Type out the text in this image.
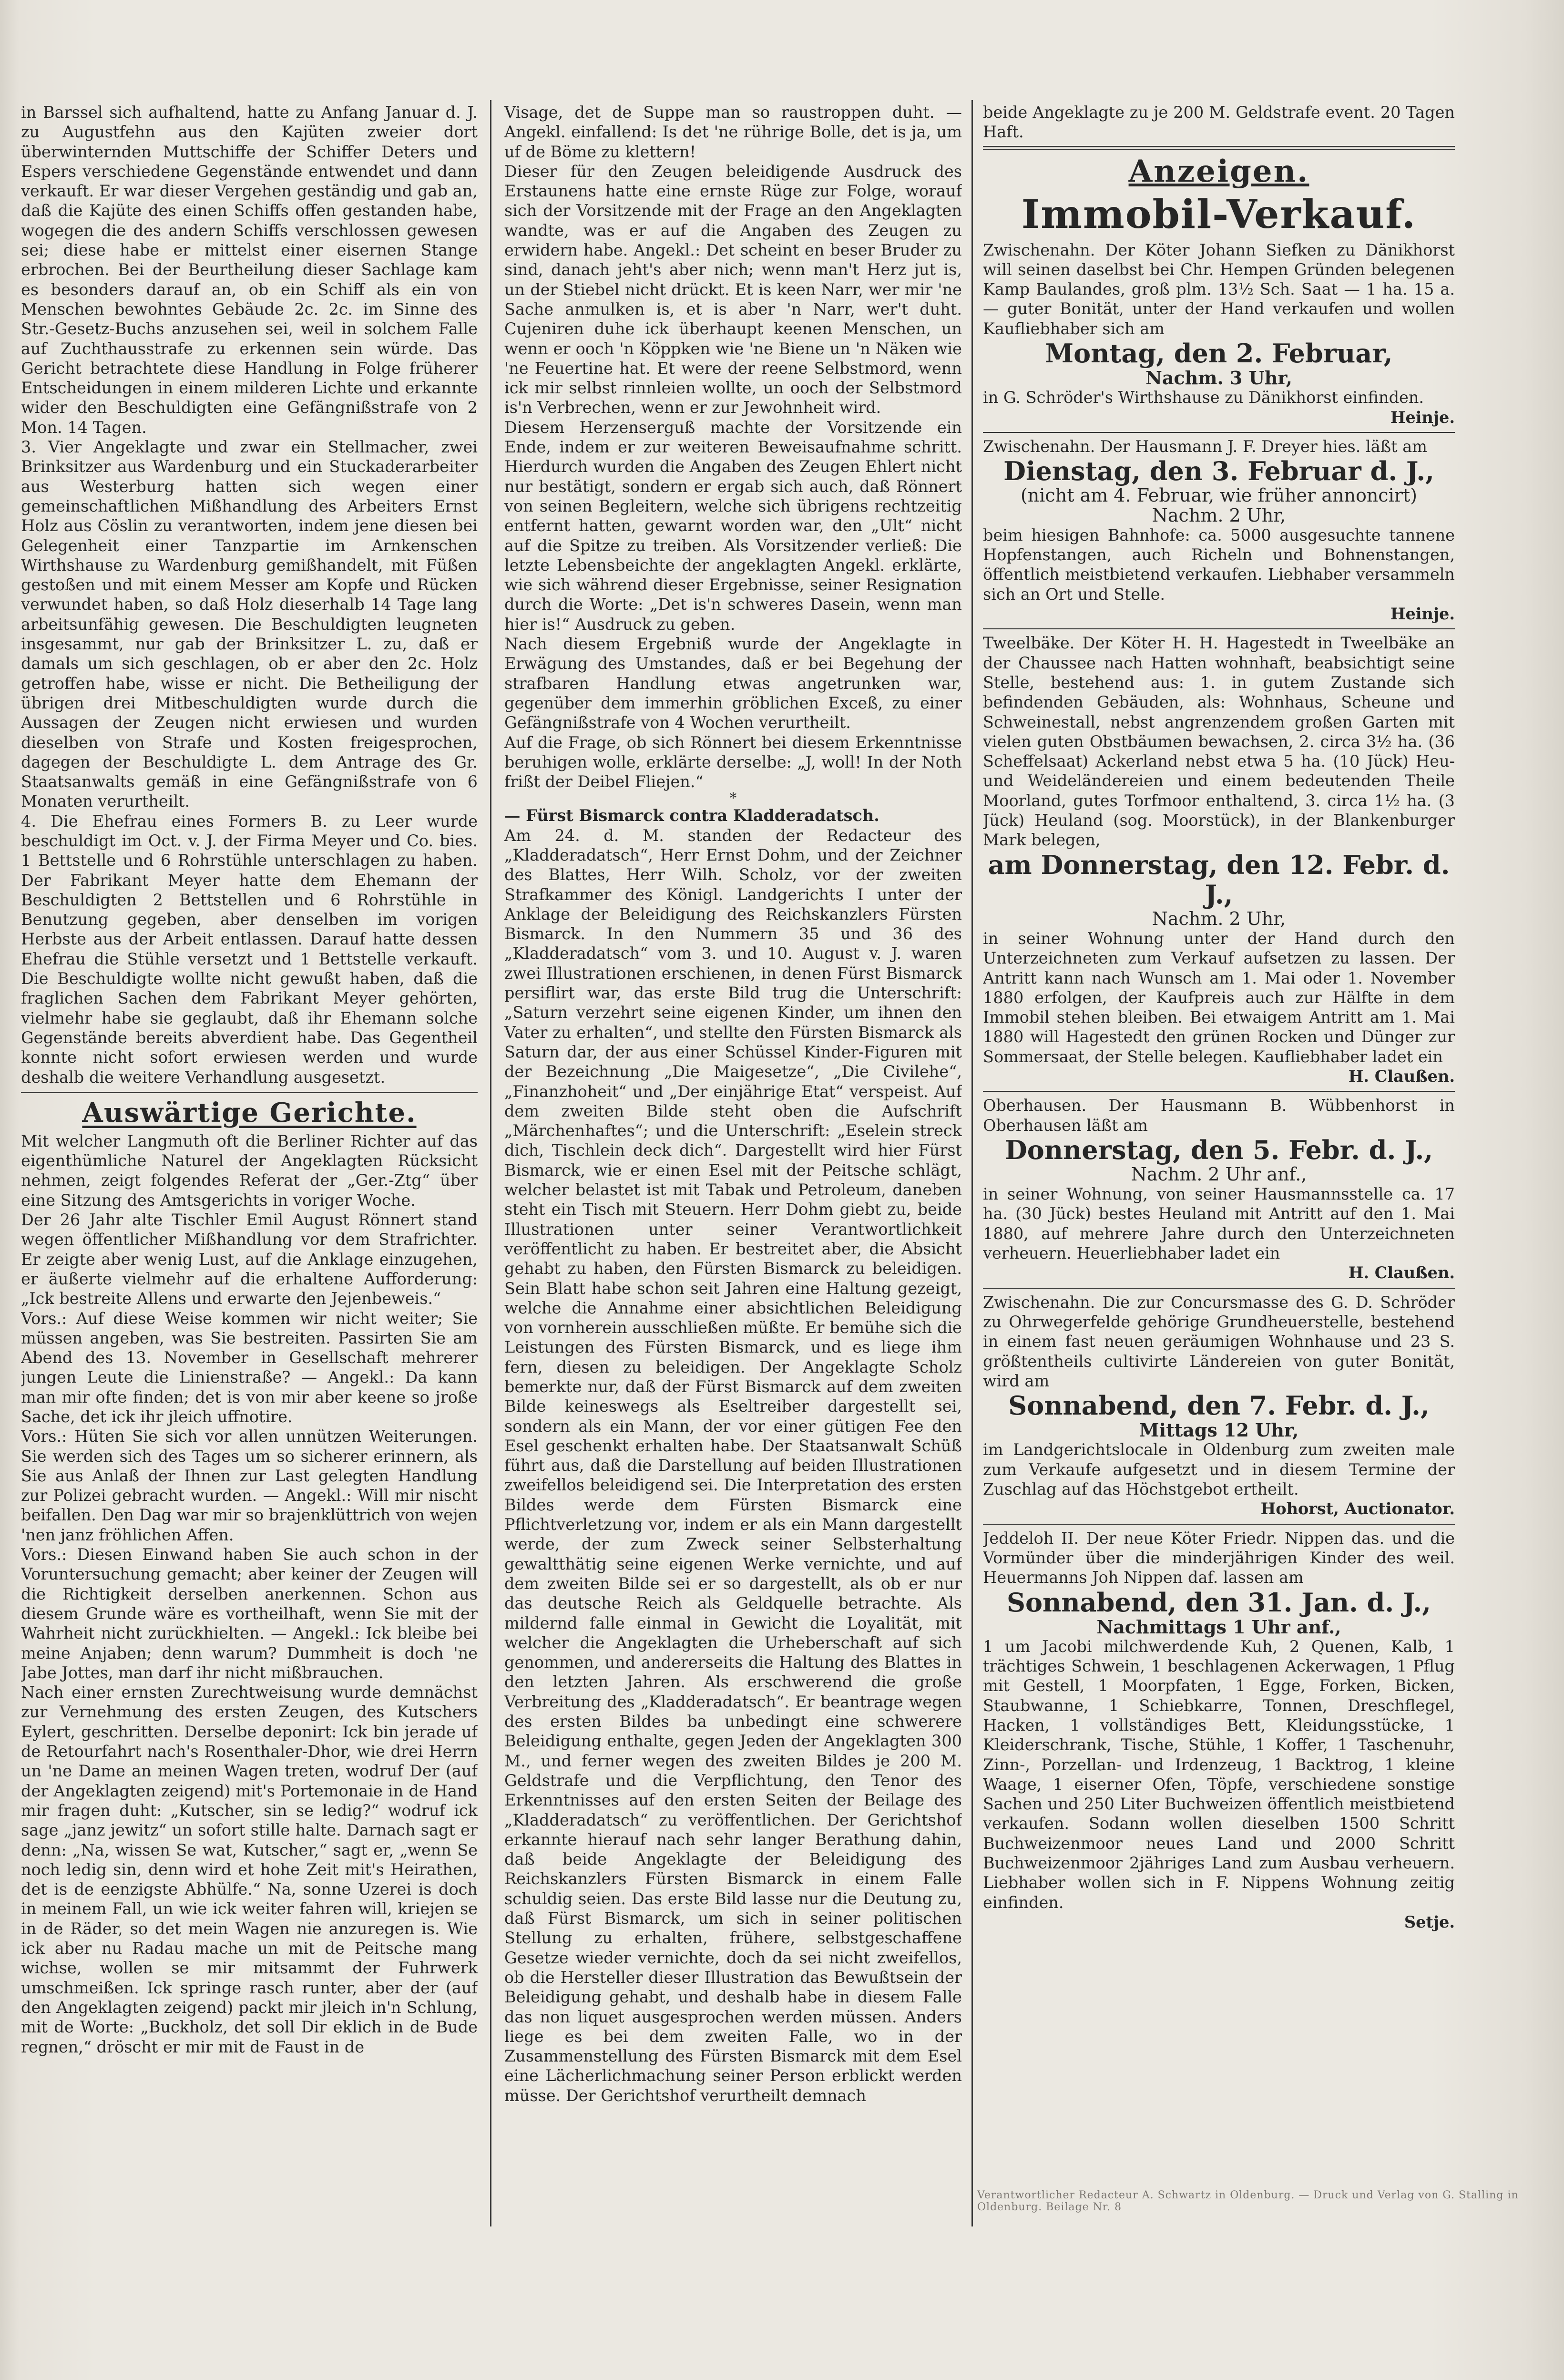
in Barssel sich aufhaltend, hatte zu Anfang Januar d. J. zu Augustfehn aus den Kajüten zweier dort überwinternden Muttschiffe der Schiffer Deters und Espers verschiedene Gegenstände entwendet und dann verkauft. Er war dieser Vergehen geständig und gab an, daß die Kajüte des einen Schiffs offen gestanden habe, wogegen die des andern Schiffs verschlossen gewesen sei; diese habe er mittelst einer eisernen Stange erbrochen. Bei der Beurtheilung dieser Sachlage kam es besonders darauf an, ob ein Schiff als ein von Menschen bewohntes Gebäude 2c. 2c. im Sinne des Str.-Gesetz-Buchs anzusehen sei, weil in solchem Falle auf Zuchthausstrafe zu erkennen sein würde. Das Gericht betrachtete diese Handlung in Folge früherer Entscheidungen in einem milderen Lichte und erkannte wider den Beschuldigten eine Gefängnißstrafe von 2 Mon. 14 Tagen.

3. Vier Angeklagte und zwar ein Stellmacher, zwei Brinksitzer aus Wardenburg und ein Stuckaderarbeiter aus Westerburg hatten sich wegen einer gemeinschaftlichen Mißhandlung des Arbeiters Ernst Holz aus Cöslin zu verantworten, indem jene diesen bei Gelegenheit einer Tanzpartie im Arnkenschen Wirthshause zu Wardenburg gemißhandelt, mit Füßen gestoßen und mit einem Messer am Kopfe und Rücken verwundet haben, so daß Holz dieserhalb 14 Tage lang arbeitsunfähig gewesen. Die Beschuldigten leugneten insgesammt, nur gab der Brinksitzer L. zu, daß er damals um sich geschlagen, ob er aber den 2c. Holz getroffen habe, wisse er nicht. Die Betheiligung der übrigen drei Mitbeschuldigten wurde durch die Aussagen der Zeugen nicht erwiesen und wurden dieselben von Strafe und Kosten freigesprochen, dagegen der Beschuldigte L. dem Antrage des Gr. Staatsanwalts gemäß in eine Gefängnißstrafe von 6 Monaten verurtheilt.

4. Die Ehefrau eines Formers B. zu Leer wurde beschuldigt im Oct. v. J. der Firma Meyer und Co. bies. 1 Bettstelle und 6 Rohrstühle unterschlagen zu haben. Der Fabrikant Meyer hatte dem Ehemann der Beschuldigten 2 Bettstellen und 6 Rohrstühle in Benutzung gegeben, aber denselben im vorigen Herbste aus der Arbeit entlassen. Darauf hatte dessen Ehefrau die Stühle versetzt und 1 Bettstelle verkauft. Die Beschuldigte wollte nicht gewußt haben, daß die fraglichen Sachen dem Fabrikant Meyer gehörten, vielmehr habe sie geglaubt, daß ihr Ehemann solche Gegenstände bereits abverdient habe. Das Gegentheil konnte nicht sofort erwiesen werden und wurde deshalb die weitere Verhandlung ausgesetzt.

Auswärtige Gerichte.

Mit welcher Langmuth oft die Berliner Richter auf das eigenthümliche Naturel der Angeklagten Rücksicht nehmen, zeigt folgendes Referat der „Ger.-Ztg“ über eine Sitzung des Amtsgerichts in voriger Woche.

Der 26 Jahr alte Tischler Emil August Rönnert stand wegen öffentlicher Mißhandlung vor dem Strafrichter. Er zeigte aber wenig Lust, auf die Anklage einzugehen, er äußerte vielmehr auf die erhaltene Aufforderung: „Ick bestreite Allens und erwarte den Jejenbeweis.“

Vors.: Auf diese Weise kommen wir nicht weiter; Sie müssen angeben, was Sie bestreiten. Passirten Sie am Abend des 13. November in Gesellschaft mehrerer jungen Leute die Linienstraße? — Angekl.: Da kann man mir ofte finden; det is von mir aber keene so jroße Sache, det ick ihr jleich uffnotire.

Vors.: Hüten Sie sich vor allen unnützen Weiterungen. Sie werden sich des Tages um so sicherer erinnern, als Sie aus Anlaß der Ihnen zur Last gelegten Handlung zur Polizei gebracht wurden. — Angekl.: Will mir nischt beifallen. Den Dag war mir so brajenklüttrich von wejen 'nen janz fröhlichen Affen.

Vors.: Diesen Einwand haben Sie auch schon in der Voruntersuchung gemacht; aber keiner der Zeugen will die Richtigkeit derselben anerkennen. Schon aus diesem Grunde wäre es vortheilhaft, wenn Sie mit der Wahrheit nicht zurückhielten. — Angekl.: Ick bleibe bei meine Anjaben; denn warum? Dummheit is doch 'ne Jabe Jottes, man darf ihr nicht mißbrauchen.

Nach einer ernsten Zurechtweisung wurde demnächst zur Vernehmung des ersten Zeugen, des Kutschers Eylert, geschritten. Derselbe deponirt: Ick bin jerade uf de Retourfahrt nach's Rosenthaler-Dhor, wie drei Herrn un 'ne Dame an meinen Wagen treten, wodruf Der (auf der Angeklagten zeigend) mit's Portemonaie in de Hand mir fragen duht: „Kutscher, sin se ledig?“ wodruf ick sage „janz jewitz“ un sofort stille halte. Darnach sagt er denn: „Na, wissen Se wat, Kutscher,“ sagt er, „wenn Se noch ledig sin, denn wird et hohe Zeit mit's Heirathen, det is de eenzigste Abhülfe.“ Na, sonne Uzerei is doch in meinem Fall, un wie ick weiter fahren will, kriejen se in de Räder, so det mein Wagen nie anzuregen is. Wie ick aber nu Radau mache un mit de Peitsche mang wichse, wollen se mir mitsammt der Fuhrwerk umschmeißen. Ick springe rasch runter, aber der (auf den Angeklagten zeigend) packt mir jleich in'n Schlung, mit de Worte: „Buckholz, det soll Dir eklich in de Bude regnen,“ dröscht er mir mit de Faust in de

Visage, det de Suppe man so raustroppen duht. — Angekl. einfallend: Is det 'ne rührige Bolle, det is ja, um uf de Böme zu klettern!

Dieser für den Zeugen beleidigende Ausdruck des Erstaunens hatte eine ernste Rüge zur Folge, worauf sich der Vorsitzende mit der Frage an den Angeklagten wandte, was er auf die Angaben des Zeugen zu erwidern habe. Angekl.: Det scheint en beser Bruder zu sind, danach jeht's aber nich; wenn man't Herz jut is, un der Stiebel nicht drückt. Et is keen Narr, wer mir 'ne Sache anmulken is, et is aber 'n Narr, wer't duht. Cujeniren duhe ick überhaupt keenen Menschen, un wenn er ooch 'n Köppken wie 'ne Biene un 'n Näken wie 'ne Feuertine hat. Et were der reene Selbstmord, wenn ick mir selbst rinnleien wollte, un ooch der Selbstmord is'n Verbrechen, wenn er zur Jewohnheit wird.

Diesem Herzenserguß machte der Vorsitzende ein Ende, indem er zur weiteren Beweisaufnahme schritt. Hierdurch wurden die Angaben des Zeugen Ehlert nicht nur bestätigt, sondern er ergab sich auch, daß Rönnert von seinen Begleitern, welche sich übrigens rechtzeitig entfernt hatten, gewarnt worden war, den „Ult“ nicht auf die Spitze zu treiben. Als Vorsitzender verließ: Die letzte Lebensbeichte der angeklagten Angekl. erklärte, wie sich während dieser Ergebnisse, seiner Resignation durch die Worte: „Det is'n schweres Dasein, wenn man hier is!“ Ausdruck zu geben.

Nach diesem Ergebniß wurde der Angeklagte in Erwägung des Umstandes, daß er bei Begehung der strafbaren Handlung etwas angetrunken war, gegenüber dem immerhin gröblichen Exceß, zu einer Gefängnißstrafe von 4 Wochen verurtheilt.

Auf die Frage, ob sich Rönnert bei diesem Erkenntnisse beruhigen wolle, erklärte derselbe: „J, woll! In der Noth frißt der Deibel Fliejen.“

*

— Fürst Bismarck contra Kladderadatsch.

Am 24. d. M. standen der Redacteur des „Kladderadatsch“, Herr Ernst Dohm, und der Zeichner des Blattes, Herr Wilh. Scholz, vor der zweiten Strafkammer des Königl. Landgerichts I unter der Anklage der Beleidigung des Reichskanzlers Fürsten Bismarck. In den Nummern 35 und 36 des „Kladderadatsch“ vom 3. und 10. August v. J. waren zwei Illustrationen erschienen, in denen Fürst Bismarck persiflirt war, das erste Bild trug die Unterschrift: „Saturn verzehrt seine eigenen Kinder, um ihnen den Vater zu erhalten“, und stellte den Fürsten Bismarck als Saturn dar, der aus einer Schüssel Kinder-Figuren mit der Bezeichnung „Die Maigesetze“, „Die Civilehe“, „Finanzhoheit“ und „Der einjährige Etat“ verspeist. Auf dem zweiten Bilde steht oben die Aufschrift „Märchenhaftes“; und die Unterschrift: „Eselein streck dich, Tischlein deck dich“. Dargestellt wird hier Fürst Bismarck, wie er einen Esel mit der Peitsche schlägt, welcher belastet ist mit Tabak und Petroleum, daneben steht ein Tisch mit Steuern. Herr Dohm giebt zu, beide Illustrationen unter seiner Verantwortlichkeit veröffentlicht zu haben. Er bestreitet aber, die Absicht gehabt zu haben, den Fürsten Bismarck zu beleidigen. Sein Blatt habe schon seit Jahren eine Haltung gezeigt, welche die Annahme einer absichtlichen Beleidigung von vornherein ausschließen müßte. Er bemühe sich die Leistungen des Fürsten Bismarck, und es liege ihm fern, diesen zu beleidigen. Der Angeklagte Scholz bemerkte nur, daß der Fürst Bismarck auf dem zweiten Bilde keineswegs als Eseltreiber dargestellt sei, sondern als ein Mann, der vor einer gütigen Fee den Esel geschenkt erhalten habe. Der Staatsanwalt Schüß führt aus, daß die Darstellung auf beiden Illustrationen zweifellos beleidigend sei. Die Interpretation des ersten Bildes werde dem Fürsten Bismarck eine Pflichtverletzung vor, indem er als ein Mann dargestellt werde, der zum Zweck seiner Selbsterhaltung gewaltthätig seine eigenen Werke vernichte, und auf dem zweiten Bilde sei er so dargestellt, als ob er nur das deutsche Reich als Geldquelle betrachte. Als mildernd falle einmal in Gewicht die Loyalität, mit welcher die Angeklagten die Urheberschaft auf sich genommen, und andererseits die Haltung des Blattes in den letzten Jahren. Als erschwerend die große Verbreitung des „Kladderadatsch“. Er beantrage wegen des ersten Bildes ba unbedingt eine schwerere Beleidigung enthalte, gegen Jeden der Angeklagten 300 M., und ferner wegen des zweiten Bildes je 200 M. Geldstrafe und die Verpflichtung, den Tenor des Erkenntnisses auf den ersten Seiten der Beilage des „Kladderadatsch“ zu veröffentlichen. Der Gerichtshof erkannte hierauf nach sehr langer Berathung dahin, daß beide Angeklagte der Beleidigung des Reichskanzlers Fürsten Bismarck in einem Falle schuldig seien. Das erste Bild lasse nur die Deutung zu, daß Fürst Bismarck, um sich in seiner politischen Stellung zu erhalten, frühere, selbstgeschaffene Gesetze wieder vernichte, doch da sei nicht zweifellos, ob die Hersteller dieser Illustration das Bewußtsein der Beleidigung gehabt, und deshalb habe in diesem Falle das non liquet ausgesprochen werden müssen. Anders liege es bei dem zweiten Falle, wo in der Zusammenstellung des Fürsten Bismarck mit dem Esel eine Lächerlichmachung seiner Person erblickt werden müsse. Der Gerichtshof verurtheilt demnach

beide Angeklagte zu je 200 M. Geldstrafe event. 20 Tagen Haft.

Anzeigen.
Immobil-Verkauf.

Zwischenahn. Der Köter Johann Siefken zu Dänikhorst will seinen daselbst bei Chr. Hempen Gründen belegenen Kamp Baulandes, groß plm. 13½ Sch. Saat — 1 ha. 15 a. — guter Bonität, unter der Hand verkaufen und wollen Kaufliebhaber sich am

Montag, den 2. Februar,
Nachm. 3 Uhr,

in G. Schröder's Wirthshause zu Dänikhorst einfinden.

Heinje.

Zwischenahn. Der Hausmann J. F. Dreyer hies. läßt am

Dienstag, den 3. Februar d. J.,
(nicht am 4. Februar, wie früher annoncirt)
Nachm. 2 Uhr,

beim hiesigen Bahnhofe: ca. 5000 ausgesuchte tannene Hopfenstangen, auch Richeln und Bohnenstangen, öffentlich meistbietend verkaufen. Liebhaber versammeln sich an Ort und Stelle.

Heinje.

Tweelbäke. Der Köter H. H. Hagestedt in Tweelbäke an der Chaussee nach Hatten wohnhaft, beabsichtigt seine Stelle, bestehend aus: 1. in gutem Zustande sich befindenden Gebäuden, als: Wohnhaus, Scheune und Schweinestall, nebst angrenzendem großen Garten mit vielen guten Obstbäumen bewachsen, 2. circa 3½ ha. (36 Scheffelsaat) Ackerland nebst etwa 5 ha. (10 Jück) Heu- und Weideländereien und einem bedeutenden Theile Moorland, gutes Torfmoor enthaltend, 3. circa 1½ ha. (3 Jück) Heuland (sog. Moorstück), in der Blankenburger Mark belegen,

am Donnerstag, den 12. Febr. d. J.,
Nachm. 2 Uhr,

in seiner Wohnung unter der Hand durch den Unterzeichneten zum Verkauf aufsetzen zu lassen. Der Antritt kann nach Wunsch am 1. Mai oder 1. November 1880 erfolgen, der Kaufpreis auch zur Hälfte in dem Immobil stehen bleiben. Bei etwaigem Antritt am 1. Mai 1880 will Hagestedt den grünen Rocken und Dünger zur Sommersaat, der Stelle belegen. Kaufliebhaber ladet ein

H. Claußen.

Oberhausen. Der Hausmann B. Wübbenhorst in Oberhausen läßt am

Donnerstag, den 5. Febr. d. J.,
Nachm. 2 Uhr anf.,

in seiner Wohnung, von seiner Hausmannsstelle ca. 17 ha. (30 Jück) bestes Heuland mit Antritt auf den 1. Mai 1880, auf mehrere Jahre durch den Unterzeichneten verheuern. Heuerliebhaber ladet ein

H. Claußen.

Zwischenahn. Die zur Concursmasse des G. D. Schröder zu Ohrwegerfelde gehörige Grundheuerstelle, bestehend in einem fast neuen geräumigen Wohnhause und 23 S. größtentheils cultivirte Ländereien von guter Bonität, wird am

Sonnabend, den 7. Febr. d. J.,
Mittags 12 Uhr,

im Landgerichtslocale in Oldenburg zum zweiten male zum Verkaufe aufgesetzt und in diesem Termine der Zuschlag auf das Höchstgebot ertheilt.

Hohorst, Auctionator.

Jeddeloh II. Der neue Köter Friedr. Nippen das. und die Vormünder über die minderjährigen Kinder des weil. Heuermanns Joh Nippen daf. lassen am

Sonnabend, den 31. Jan. d. J.,
Nachmittags 1 Uhr anf.,

1 um Jacobi milchwerdende Kuh, 2 Quenen, Kalb, 1 trächtiges Schwein, 1 beschlagenen Ackerwagen, 1 Pflug mit Gestell, 1 Moorpfaten, 1 Egge, Forken, Bicken, Staubwanne, 1 Schiebkarre, Tonnen, Dreschflegel, Hacken, 1 vollständiges Bett, Kleidungsstücke, 1 Kleiderschrank, Tische, Stühle, 1 Koffer, 1 Taschenuhr, Zinn-, Porzellan- und Irdenzeug, 1 Backtrog, 1 kleine Waage, 1 eiserner Ofen, Töpfe, verschiedene sonstige Sachen und 250 Liter Buchweizen öffentlich meistbietend verkaufen. Sodann wollen dieselben 1500 Schritt Buchweizenmoor neues Land und 2000 Schritt Buchweizenmoor 2jähriges Land zum Ausbau verheuern. Liebhaber wollen sich in F. Nippens Wohnung zeitig einfinden.

Setje.
Verantwortlicher Redacteur A. Schwartz in Oldenburg. — Druck und Verlag von G. Stalling in Oldenburg. Beilage Nr. 8
